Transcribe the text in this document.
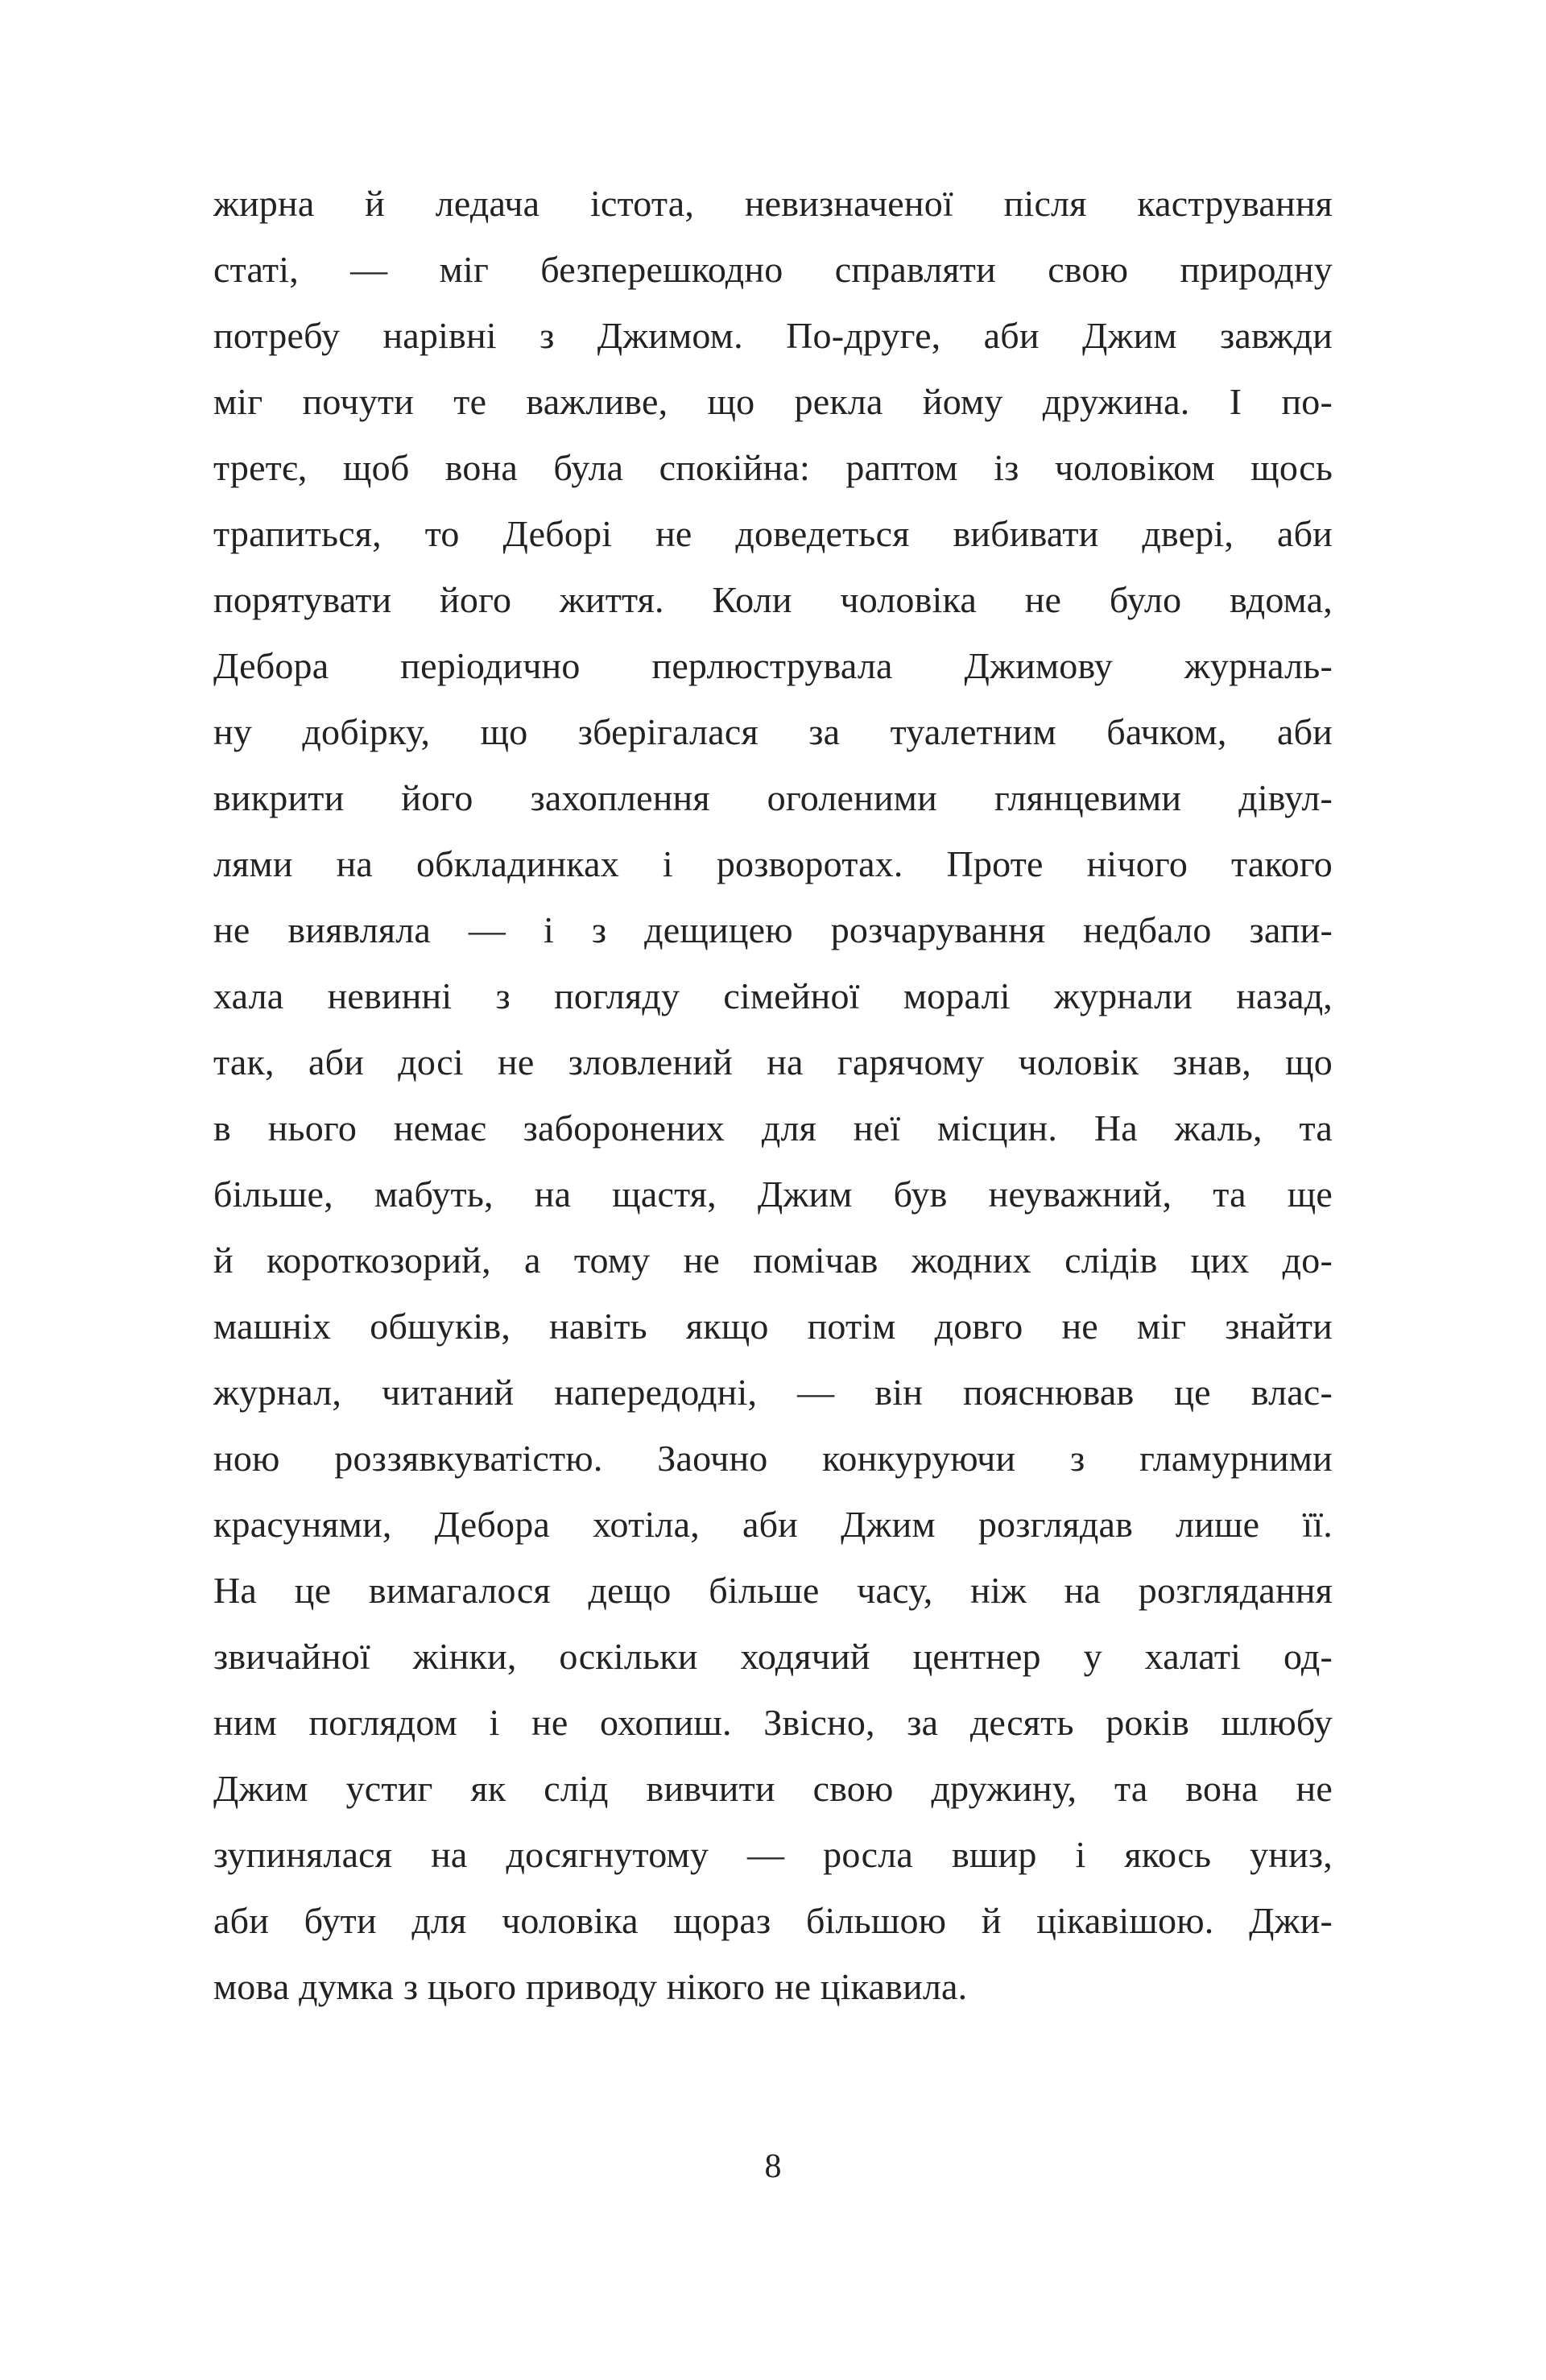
жирна й ледача істота, невизначеної після кастрування
статі, — міг безперешкодно справляти свою природну
потребу нарівні з Джимом. По-друге, аби Джим завжди
міг почути те важливе, що рекла йому дружина. І по-
третє, щоб вона була спокійна: раптом із чоловіком щось
трапиться, то Деборі не доведеться вибивати двері, аби
порятувати його життя. Коли чоловіка не було вдома,
Дебора періодично перлюструвала Джимову журналь-
ну добірку, що зберігалася за туалетним бачком, аби
викрити його захоплення оголеними глянцевими дівул-
лями на обкладинках і розворотах. Проте нічого такого
не виявляла — і з дещицею розчарування недбало запи-
хала невинні з погляду сімейної моралі журнали назад,
так, аби досі не зловлений на гарячому чоловік знав, що
в нього немає заборонених для неї місцин. На жаль, та
більше, мабуть, на щастя, Джим був неуважний, та ще
й короткозорий, а тому не помічав жодних слідів цих до-
машніх обшуків, навіть якщо потім довго не міг знайти
журнал, читаний напередодні, — він пояснював це влас-
ною роззявкуватістю. Заочно конкуруючи з гламурними
красунями, Дебора хотіла, аби Джим розглядав лише її.
На це вимагалося дещо більше часу, ніж на розглядання
звичайної жінки, оскільки ходячий центнер у халаті од-
ним поглядом і не охопиш. Звісно, за десять років шлюбу
Джим устиг як слід вивчити свою дружину, та вона не
зупинялася на досягнутому — росла вшир і якось униз,
аби бути для чоловіка щораз більшою й цікавішою. Джи-
мова думка з цього приводу нікого не цікавила.
8
